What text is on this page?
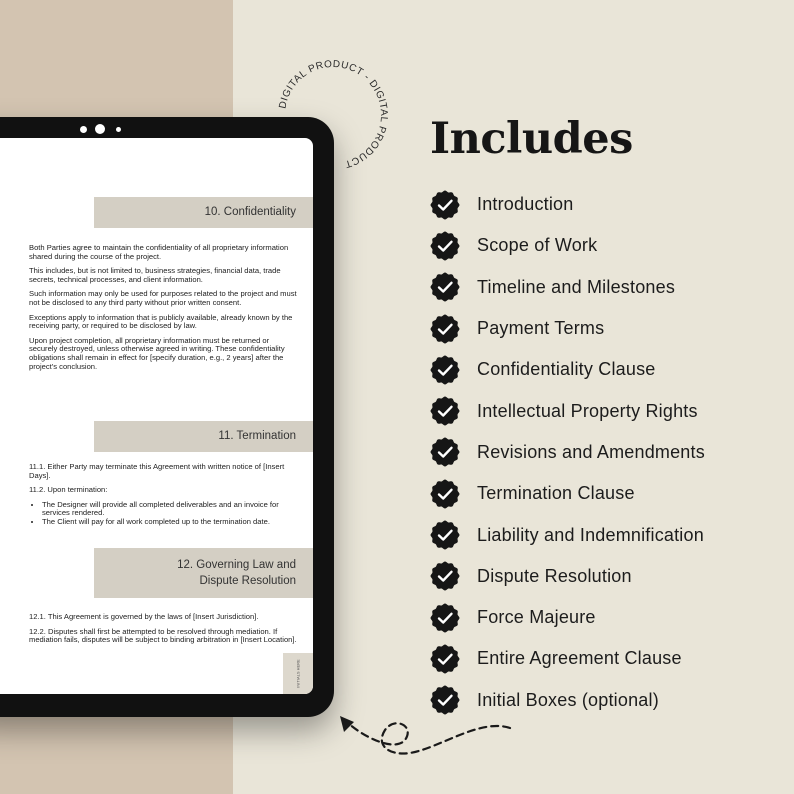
10. Confidentiality

Both Parties agree to maintain the confidentiality of all proprietary information shared during the course of the project.

This includes, but is not limited to, business strategies, financial data, trade secrets, technical processes, and client information.

Such information may only be used for purposes related to the project and must not be disclosed to any third party without prior written consent.

Exceptions apply to information that is publicly available, already known by the receiving party, or required to be disclosed by law.

Upon project completion, all proprietary information must be returned or securely destroyed, unless otherwise agreed in writing. These confidentiality obligations shall remain in effect for [specify duration, e.g., 2 years] after the project's conclusion.

11. Termination

11.1. Either Party may terminate this Agreement with written notice of [Insert Days].

11.2. Upon termination:

• The Designer will provide all completed deliverables and an invoice for services rendered.
• The Client will pay for all work completed up to the termination date.
12. Governing Law and
Dispute Resolution

12.1. This Agreement is governed by the laws of [Insert Jurisdiction].

12.2. Disputes shall first be attempted to be resolved through mediation. If mediation fails, disputes will be subject to binding arbitration in [Insert Location].

INITIALS HERE
DIGITAL PRODUCT - DIGITAL PRODUCT	Includes
Introduction
Scope of Work
Timeline and Milestones
Payment Terms
Confidentiality Clause
Intellectual Property Rights
Revisions and Amendments
Termination Clause
Liability and Indemnification
Dispute Resolution
Force Majeure
Entire Agreement Clause
Initial Boxes (optional)
